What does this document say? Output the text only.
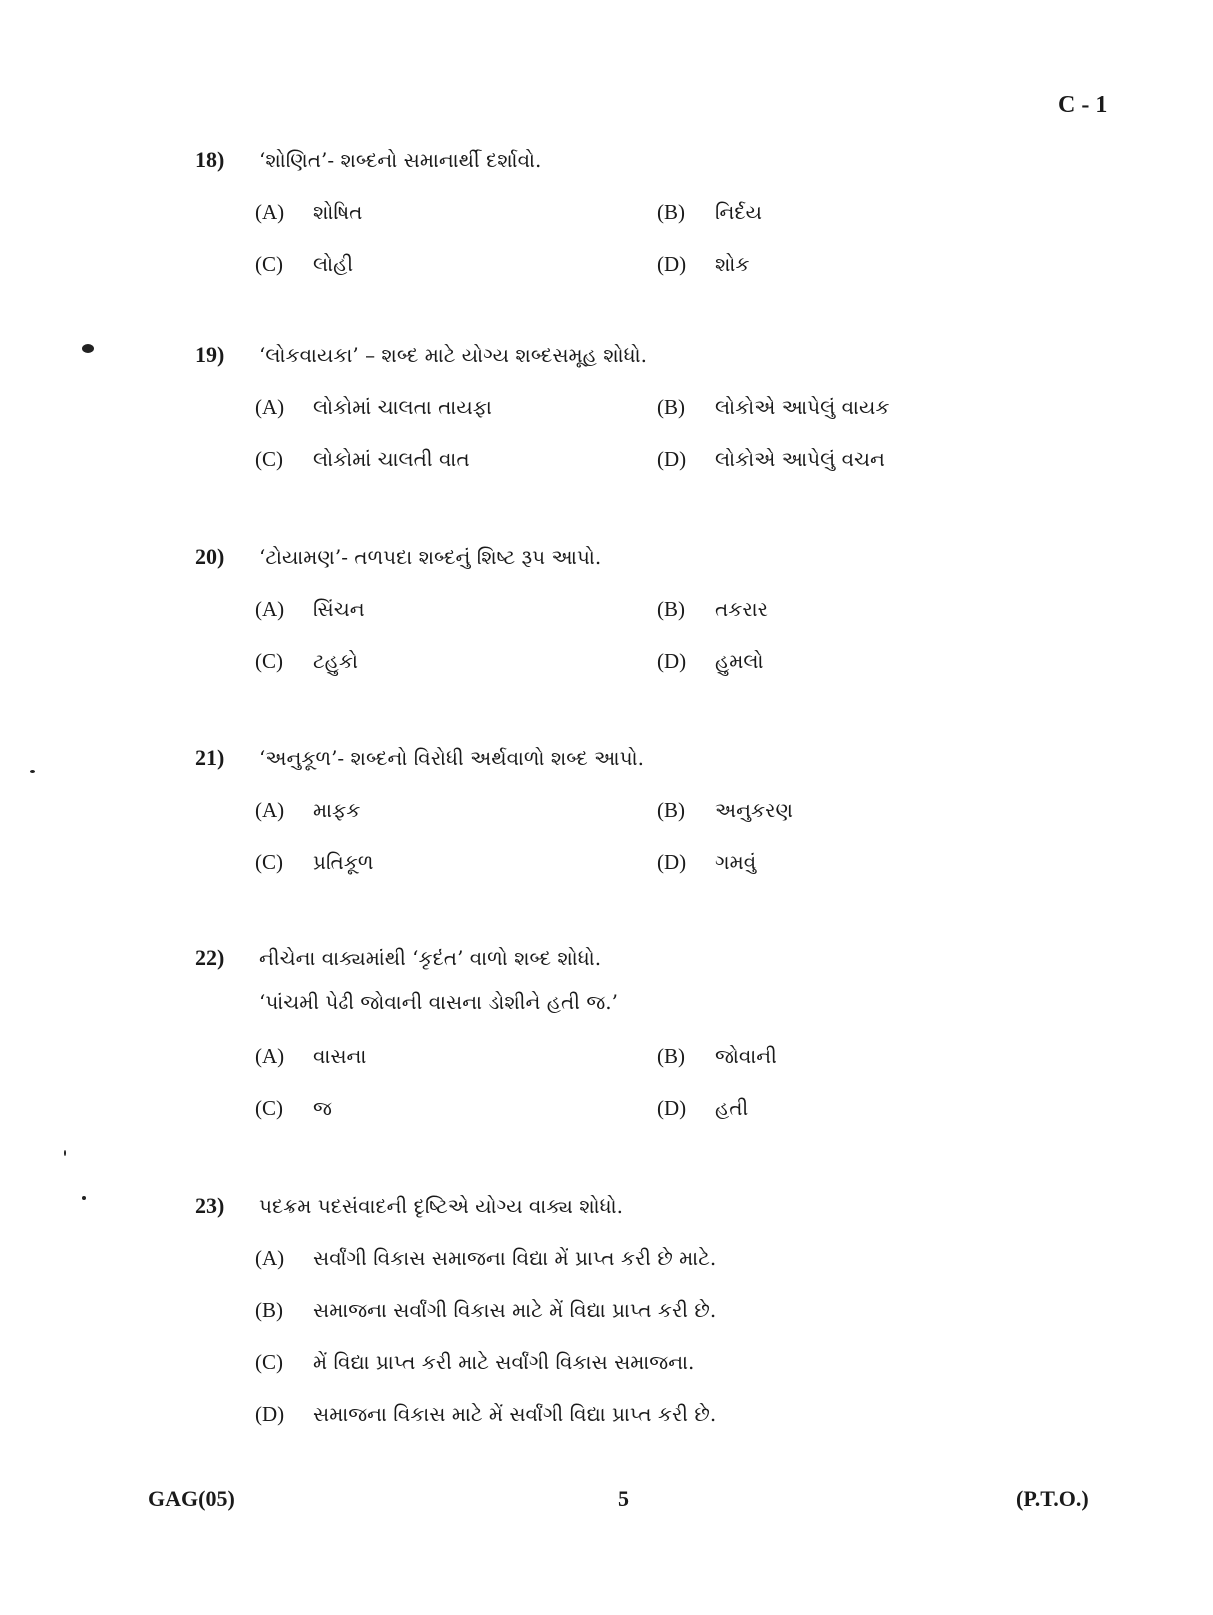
C - 1
18) ‘શોણિત’- શબ્દનો સમાનાર્થી દર્શાવો.
(A) શોષિત	(B) નિર્દય
(C) લોહી	(D) શોક
19) ‘લોકવાયકા’ – શબ્દ માટે યોગ્ય શબ્દસમૂહ શોધો.
(A) લોકોમાં ચાલતા તાયફા	(B) લોકોએ આપેલું વાયક
(C) લોકોમાં ચાલતી વાત	(D) લોકોએ આપેલું વચન
20) ‘ટોયામણ’- તળપદા શબ્દનું શિષ્ટ રૂપ આપો.
(A) સિંચન	(B) તકરાર
(C) ટહુકો	(D) હુમલો
21) ‘અનુકૂળ’- શબ્દનો વિરોધી અર્થવાળો શબ્દ આપો.
(A) માફક	(B) અનુકરણ
(C) પ્રતિકૂળ	(D) ગમવું
22) નીચેના વાક્યમાંથી ‘કૃદંત’ વાળો શબ્દ શોધો.
‘પાંચમી પેઢી જોવાની વાસના ડોશીને હતી જ.’
(A) વાસના	(B) જોવાની
(C) જ	(D) હતી
23) પદક્રમ પદસંવાદની દૃષ્ટિએ યોગ્ય વાક્ય શોધો.
(A) સર્વાંગી વિકાસ સમાજના વિદ્યા મેં પ્રાપ્ત કરી છે માટે.
(B) સમાજના સર્વાંગી વિકાસ માટે મેં વિદ્યા પ્રાપ્ત કરી છે.
(C) મેં વિદ્યા પ્રાપ્ત કરી માટે સર્વાંગી વિકાસ સમાજના.
(D) સમાજના વિકાસ માટે મેં સર્વાંગી વિદ્યા પ્રાપ્ત કરી છે.
GAG(05)	5	(P.T.O.)
